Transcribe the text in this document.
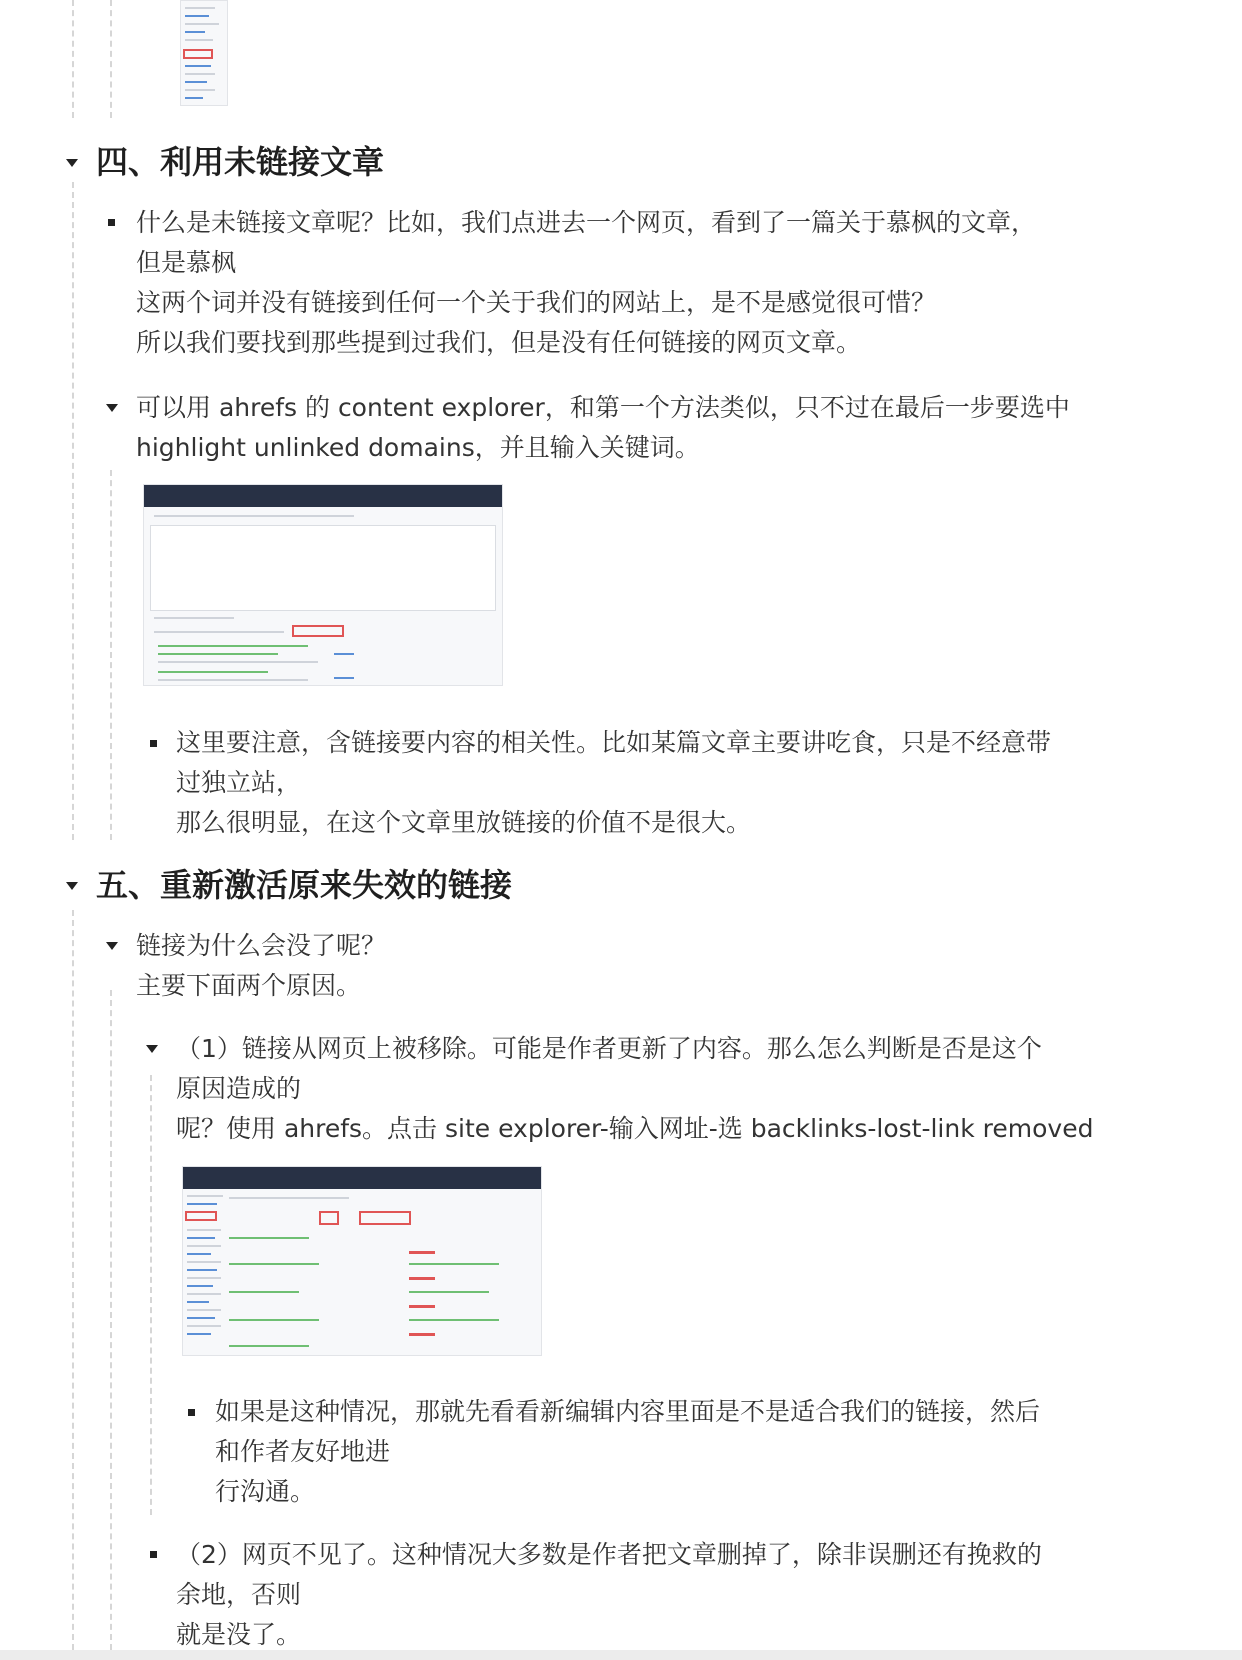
四、利用未链接文章
什么是未链接文章呢？比如，我们点进去一个网页，看到了一篇关于慕枫的文章，
但是慕枫
这两个词并没有链接到任何一个关于我们的网站上，是不是感觉很可惜？
所以我们要找到那些提到过我们，但是没有任何链接的网页文章。
可以用 ahrefs 的 content explorer，和第一个方法类似，只不过在最后一步要选中
highlight unlinked domains，并且输入关键词。
这里要注意，含链接要内容的相关性。比如某篇文章主要讲吃食，只是不经意带
过独立站，
那么很明显，在这个文章里放链接的价值不是很大。
五、重新激活原来失效的链接
链接为什么会没了呢？
主要下面两个原因。
（1）链接从网页上被移除。可能是作者更新了内容。那么怎么判断是否是这个
原因造成的
呢？使用 ahrefs。点击 site explorer-输入网址-选 backlinks-lost-link removed
如果是这种情况，那就先看看新编辑内容里面是不是适合我们的链接，然后
和作者友好地进
行沟通。
（2）网页不见了。这种情况大多数是作者把文章删掉了，除非误删还有挽救的
余地，否则
就是没了。
